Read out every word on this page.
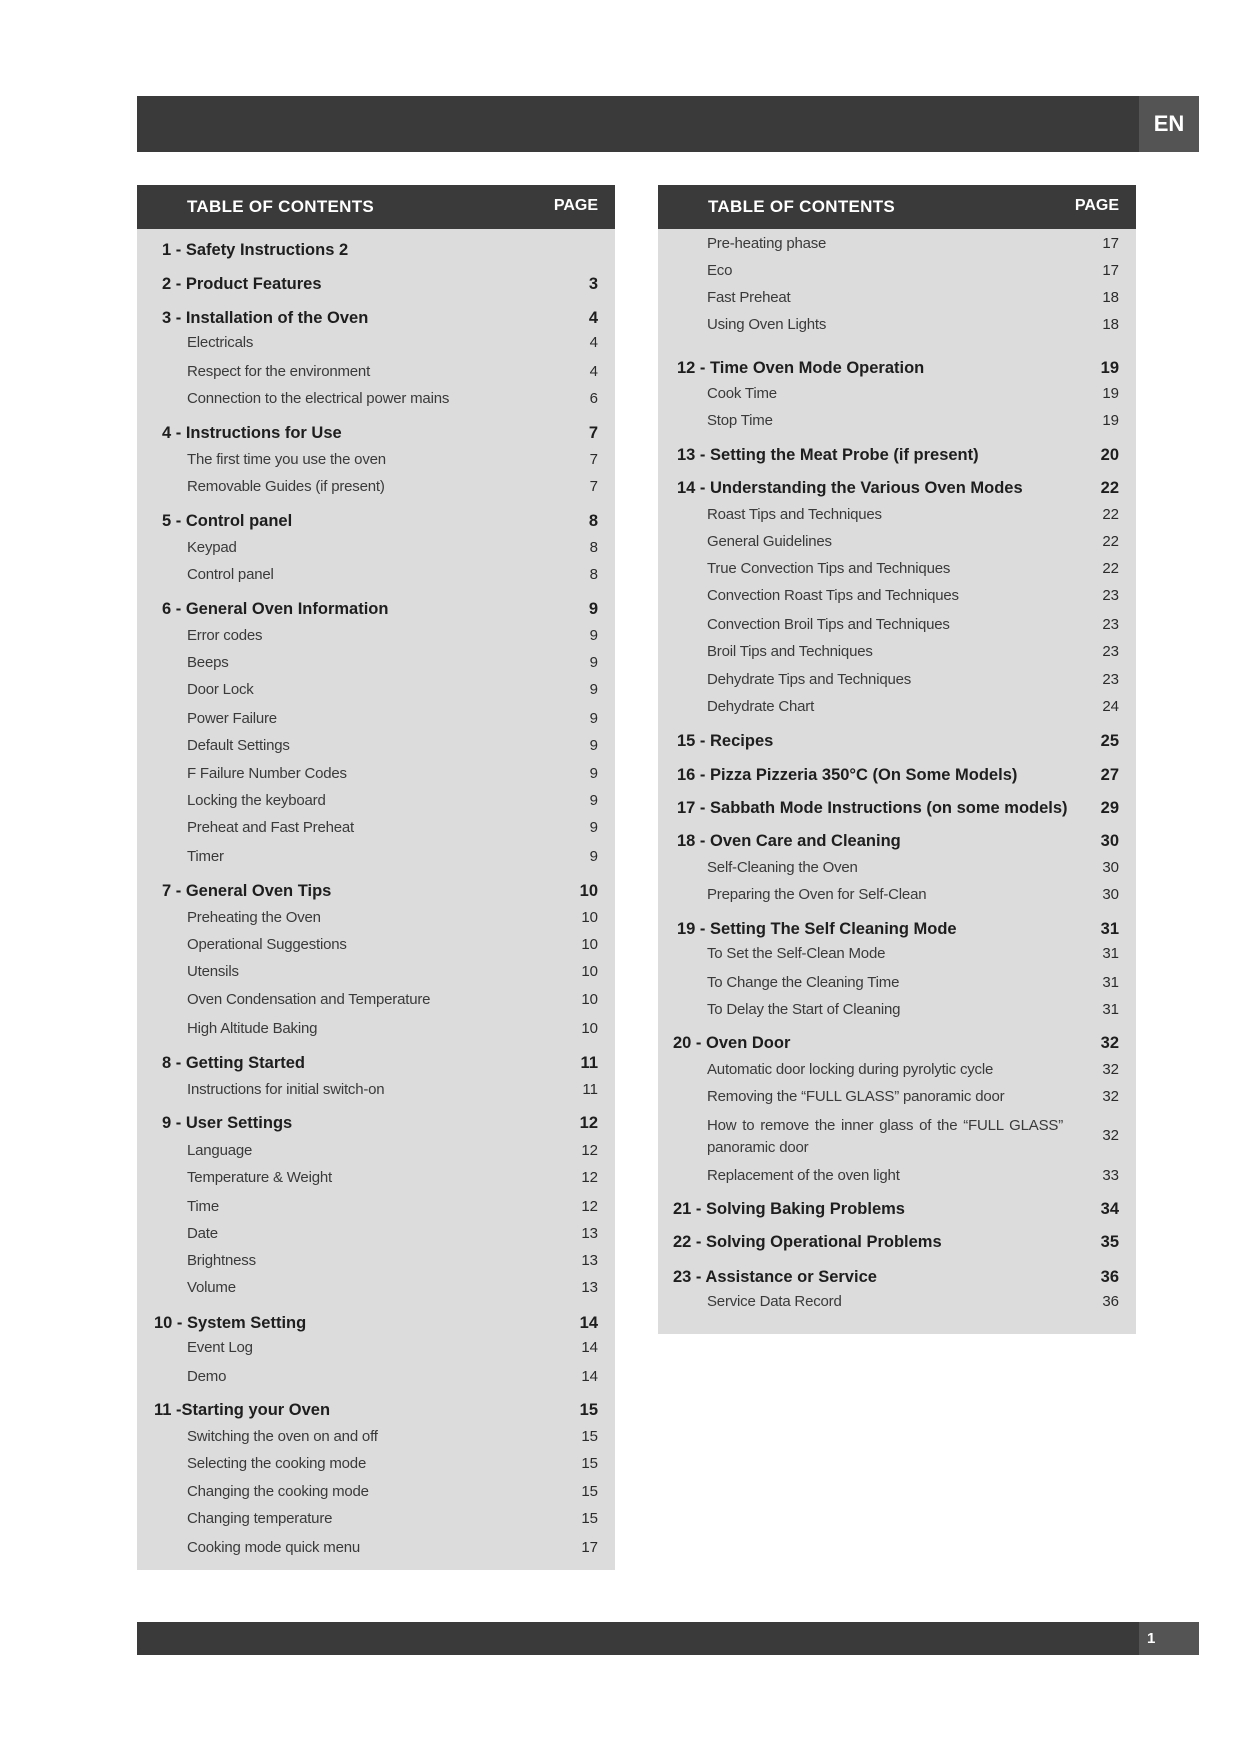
EN
TABLE OF CONTENTS	PAGE
1 - Safety Instructions 2
2 - Product Features	3
3 - Installation of the Oven	4
Electricals	4
Respect for the environment	4
Connection to the electrical power mains	6
4 - Instructions for Use	7
The first time you use the oven	7
Removable Guides (if present)	7
5 - Control panel	8
Keypad	8
Control panel	8
6 - General Oven Information	9
Error codes	9
Beeps	9
Door Lock	9
Power Failure	9
Default Settings	9
F Failure Number Codes	9
Locking the keyboard	9
Preheat and Fast Preheat	9
Timer	9
7 - General Oven Tips	10
Preheating the Oven	10
Operational Suggestions	10
Utensils	10
Oven Condensation and Temperature	10
High Altitude Baking	10
8 - Getting Started	11
Instructions for initial switch-on	11
9 - User Settings	12
Language	12
Temperature & Weight	12
Time	12
Date	13
Brightness	13
Volume	13
10 - System Setting	14
Event Log	14
Demo	14
11 -Starting your Oven	15
Switching the oven on and off	15
Selecting the cooking mode	15
Changing the cooking mode	15
Changing temperature	15
Cooking mode quick menu	17
TABLE OF CONTENTS	PAGE
Pre-heating phase	17
Eco	17
Fast Preheat	18
Using Oven Lights	18
12 - Time Oven Mode Operation	19
Cook Time	19
Stop Time	19
13 - Setting the Meat Probe (if present)	20
14 - Understanding the Various Oven Modes	22
Roast Tips and Techniques	22
General Guidelines	22
True Convection Tips and Techniques	22
Convection Roast Tips and Techniques	23
Convection Broil Tips and Techniques	23
Broil Tips and Techniques	23
Dehydrate Tips and Techniques	23
Dehydrate Chart	24
15 - Recipes	25
16 - Pizza Pizzeria 350°C (On Some Models)	27
17 - Sabbath Mode Instructions (on some models) 29
18 - Oven Care and Cleaning	30
Self-Cleaning the Oven	30
Preparing the Oven for Self-Clean	30
19 - Setting The Self Cleaning Mode	31
To Set the Self-Clean Mode	31
To Change the Cleaning Time	31
To Delay the Start of Cleaning	31
20 - Oven Door	32
Automatic door locking during pyrolytic cycle	32
Removing the “FULL GLASS” panoramic door	32
How to remove the inner glass of the “FULL GLASS” panoramic door
32
Replacement of the oven light	33
21 - Solving Baking Problems	34
22 - Solving Operational Problems	35
23 - Assistance or Service	36
Service Data Record	36
1
